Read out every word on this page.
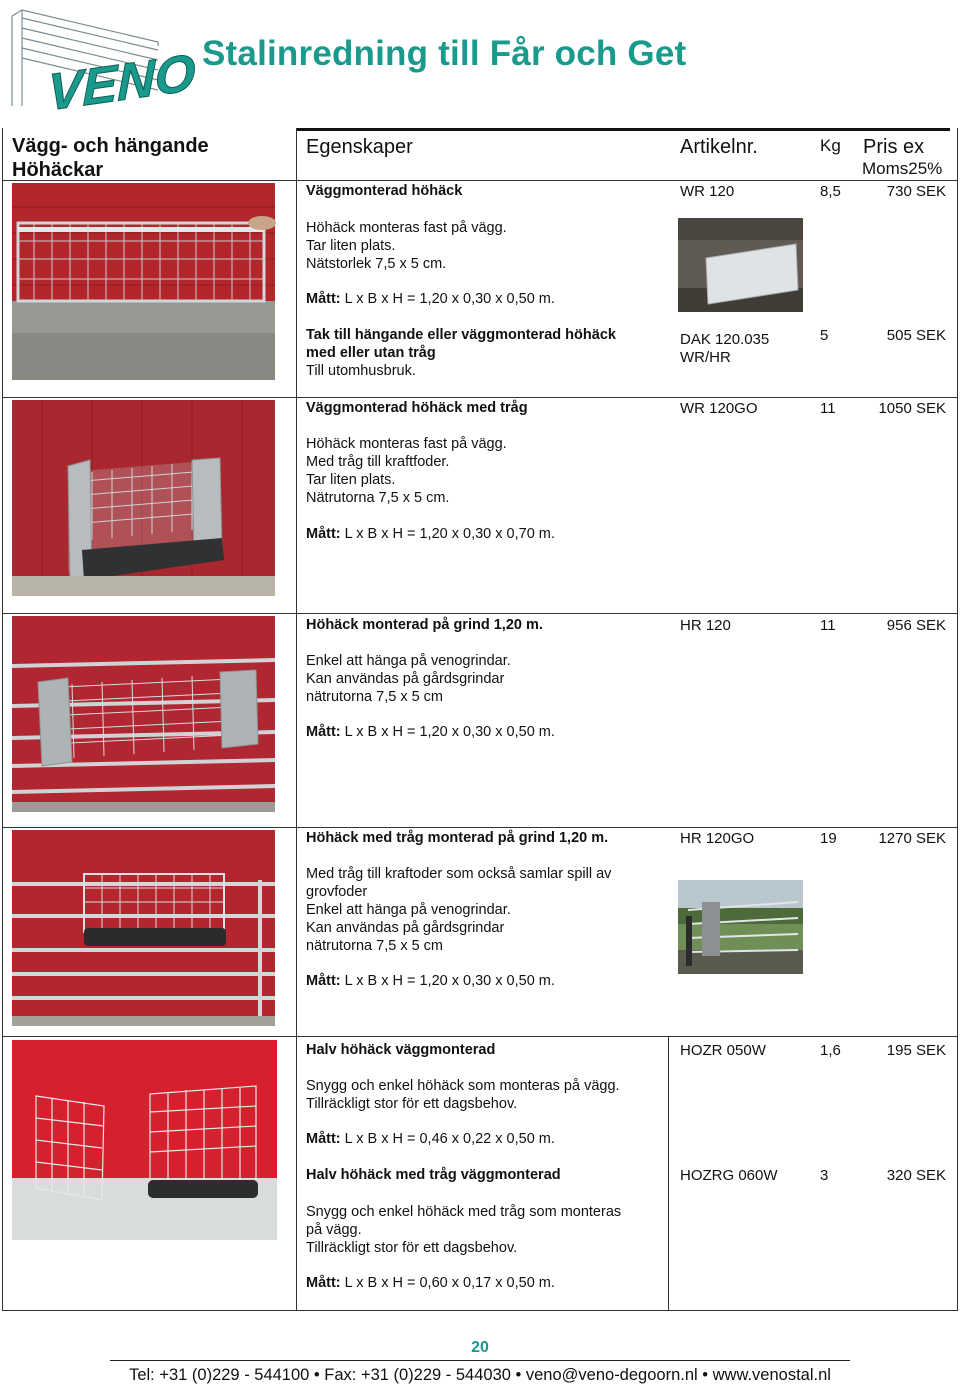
VENO Stalinredning till Får och Get
Vägg- och hängande
Höhäckar
Egenskaper	Artikelnr.	Kg Pris ex
Moms25%
Väggmonterad höhäck
Höhäck monteras fast på vägg.
Tar liten plats.
Nätstorlek 7,5 x 5 cm.
Mått: L x B x H = 1,20 x 0,30 x 0,50 m.
WR 120	8,5	730 SEK
Tak till hängande eller väggmonterad höhäck
med eller utan tråg
Till utomhusbruk.
DAK 120.035
WR/HR
5	505 SEK
Väggmonterad höhäck med tråg
Höhäck monteras fast på vägg.
Med tråg till kraftfoder.
Tar liten plats.
Nätrutorna 7,5 x 5 cm.
Mått: L x B x H = 1,20 x 0,30 x 0,70 m.
WR 120GO	11	1050 SEK
Höhäck monterad på grind 1,20 m.
Enkel att hänga på venogrindar.
Kan användas på gårdsgrindar
nätrutorna 7,5 x 5 cm
Mått: L x B x H = 1,20 x 0,30 x 0,50 m.
HR 120	11	956 SEK
Höhäck med tråg monterad på grind 1,20 m.
Med tråg till kraftoder som också samlar spill av
grovfoder
Enkel att hänga på venogrindar.
Kan användas på gårdsgrindar
nätrutorna 7,5 x 5 cm
Mått: L x B x H = 1,20 x 0,30 x 0,50 m.
HR 120GO	19	1270 SEK
Halv höhäck väggmonterad
Snygg och enkel höhäck som monteras på vägg.
Tillräckligt stor för ett dagsbehov.
Mått: L x B x H = 0,46 x 0,22 x 0,50 m.
HOZR 050W	1,6	195 SEK
Halv höhäck med tråg väggmonterad
Snygg och enkel höhäck med tråg som monteras
på vägg.
Tillräckligt stor för ett dagsbehov.
Mått: L x B x H = 0,60 x 0,17 x 0,50 m.
HOZRG 060W	3	320 SEK
20
Tel: +31 (0)229 - 544100 • Fax: +31 (0)229 - 544030 • veno@veno-degoorn.nl • www.venostal.nl
